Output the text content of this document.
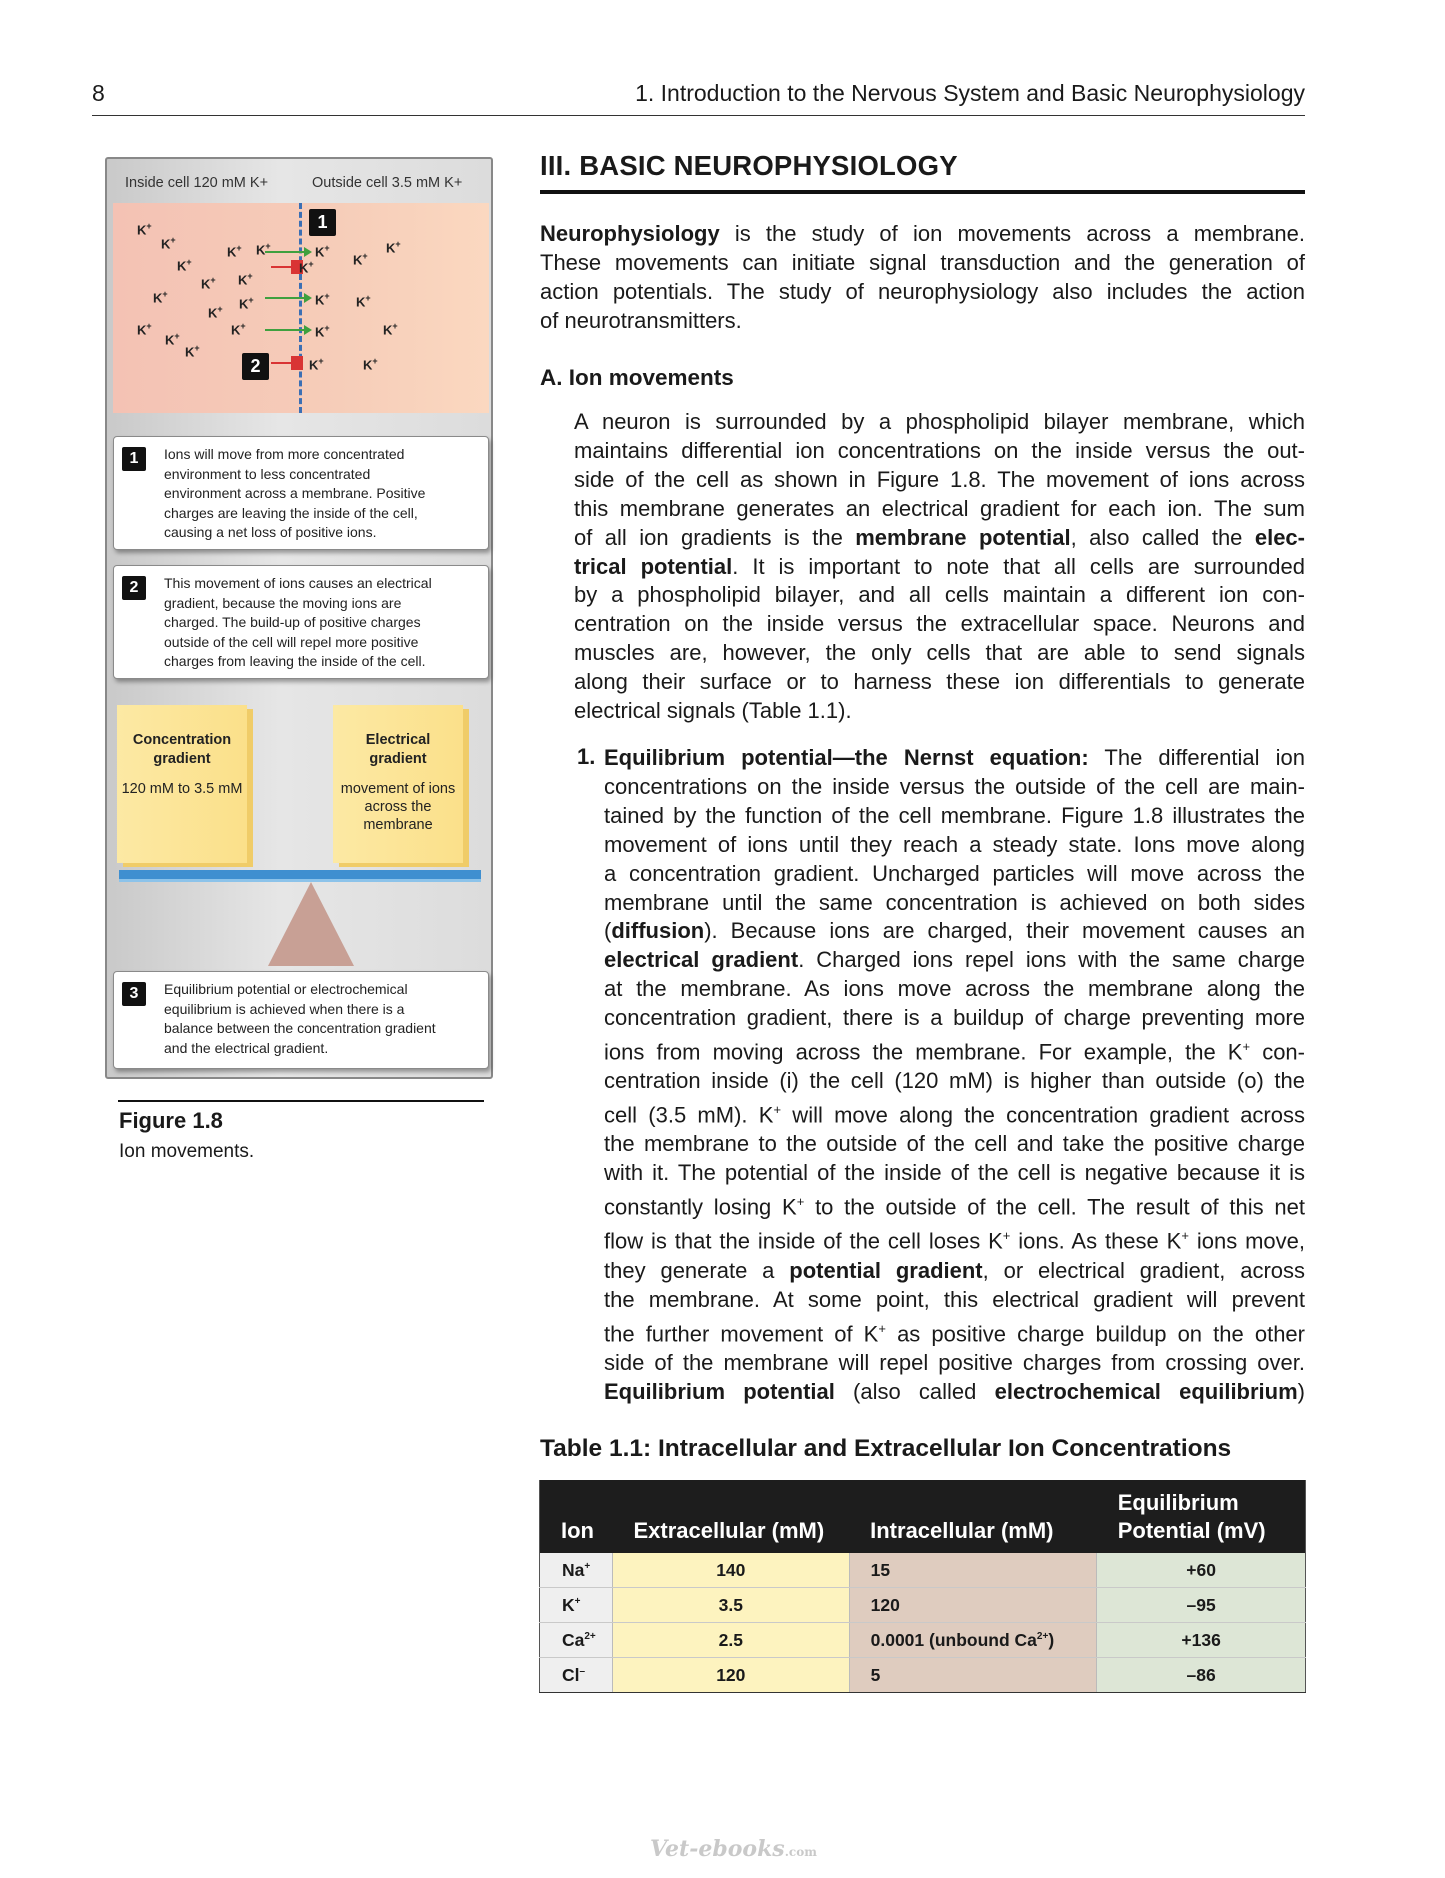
8	1. Introduction to the Nervous System and Basic Neurophysiology
Inside cell 120 mM K+	Outside cell 3.5 mM K+
1
2
K+
K+
K+ K+
K+
K+ K+
K+
K+
K+
K+
K+
K+
K+
K+
K+	K+
K+
K+ K+
K+	K+
K+	K+
1	Ions will move from more concentrated
environment to less concentrated
environment across a membrane. Positive
charges are leaving the inside of the cell,
causing a net loss of positive ions.
2	This movement of ions causes an electrical
gradient, because the moving ions are
charged. The build-up of positive charges
outside of the cell will repel more positive
charges from leaving the inside of the cell.
Concentration
gradient
120 mM to 3.5 mM
Electrical
gradient
movement of ions
across the
membrane
3	Equilibrium potential or electrochemical
equilibrium is achieved when there is a
balance between the concentration gradient
and the electrical gradient.
Figure 1.8
Ion movements.
III. BASIC NEUROPHYSIOLOGY
Neurophysiology is the study of ion movements across a membrane.
These movements can initiate signal transduction and the generation of
action potentials. The study of neurophysiology also includes the action
of neurotransmitters.
A. Ion movements
A neuron is surrounded by a phospholipid bilayer membrane, which
maintains differential ion concentrations on the inside versus the out-
side of the cell as shown in Figure 1.8. The movement of ions across
this membrane generates an electrical gradient for each ion. The sum
of all ion gradients is the membrane potential, also called the elec-
trical potential. It is important to note that all cells are surrounded
by a phospholipid bilayer, and all cells maintain a different ion con-
centration on the inside versus the extracellular space. Neurons and
muscles are, however, the only cells that are able to send signals
along their surface or to harness these ion differentials to generate
electrical signals (Table 1.1).
1. Equilibrium potential—the Nernst equation: The differential ion
concentrations on the inside versus the outside of the cell are main-
tained by the function of the cell membrane. Figure 1.8 illustrates the
movement of ions until they reach a steady state. Ions move along
a concentration gradient. Uncharged particles will move across the
membrane until the same concentration is achieved on both sides
(diffusion). Because ions are charged, their movement causes an
electrical gradient. Charged ions repel ions with the same charge
at the membrane. As ions move across the membrane along the
concentration gradient, there is a buildup of charge preventing more
ions from moving across the membrane. For example, the K+ con-
centration inside (i) the cell (120 mM) is higher than outside (o) the
cell (3.5 mM). K+ will move along the concentration gradient across
the membrane to the outside of the cell and take the positive charge
with it. The potential of the inside of the cell is negative because it is
constantly losing K+ to the outside of the cell. The result of this net
flow is that the inside of the cell loses K+ ions. As these K+ ions move,
they generate a potential gradient, or electrical gradient, across
the membrane. At some point, this electrical gradient will prevent
the further movement of K+ as positive charge buildup on the other
side of the membrane will repel positive charges from crossing over.
Equilibrium potential (also called electrochemical equilibrium)
Table 1.1: Intracellular and Extracellular Ion Concentrations
Ion	Extracellular (mM)	Intracellular (mM)	Equilibrium
Potential (mV)

Na+	140	15	+60
K+	3.5	120	–95
$Ca^{2+}$	2.5	0.0001 (unbound $Ca^{2+}$)	+136
Cl–	120	5	–86
Vet-ebooks.com
